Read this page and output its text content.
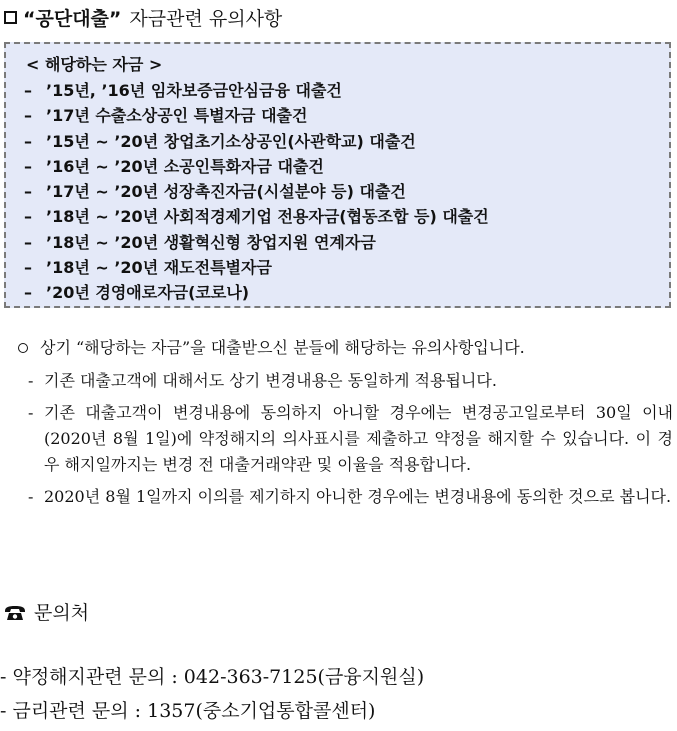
“공단대출” 자금관련 유의사항
< 해당하는 자금 >
– ’15년, ’16년 임차보증금안심금융 대출건
– ’17년 수출소상공인 특별자금 대출건
– ’15년 ~ ’20년 창업초기소상공인(사관학교) 대출건
– ’16년 ~ ’20년 소공인특화자금 대출건
– ’17년 ~ ’20년 성장촉진자금(시설분야 등) 대출건
– ’18년 ~ ’20년 사회적경제기업 전용자금(협동조합 등) 대출건
– ’18년 ~ ’20년 생활혁신형 창업지원 연계자금
– ’18년 ~ ’20년 재도전특별자금
– ’20년 경영애로자금(코로나)
상기 “해당하는 자금”을 대출받으신 분들에 해당하는 유의사항입니다.
- 기존 대출고객에 대해서도 상기 변경내용은 동일하게 적용됩니다.
- 기존 대출고객이 변경내용에 동의하지 아니할 경우에는 변경공고일로부터 30일 이내(2020년 8월 1일)에 약정해지의 의사표시를 제출하고 약정을 해지할 수 있습니다. 이 경우 해지일까지는 변경 전 대출거래약관 및 이율을 적용합니다.
- 2020년 8월 1일까지 이의를 제기하지 아니한 경우에는 변경내용에 동의한 것으로 봅니다.
문의처
- 약정해지관련 문의 : 042-363-7125(금융지원실)
- 금리관련 문의 : 1357(중소기업통합콜센터)
